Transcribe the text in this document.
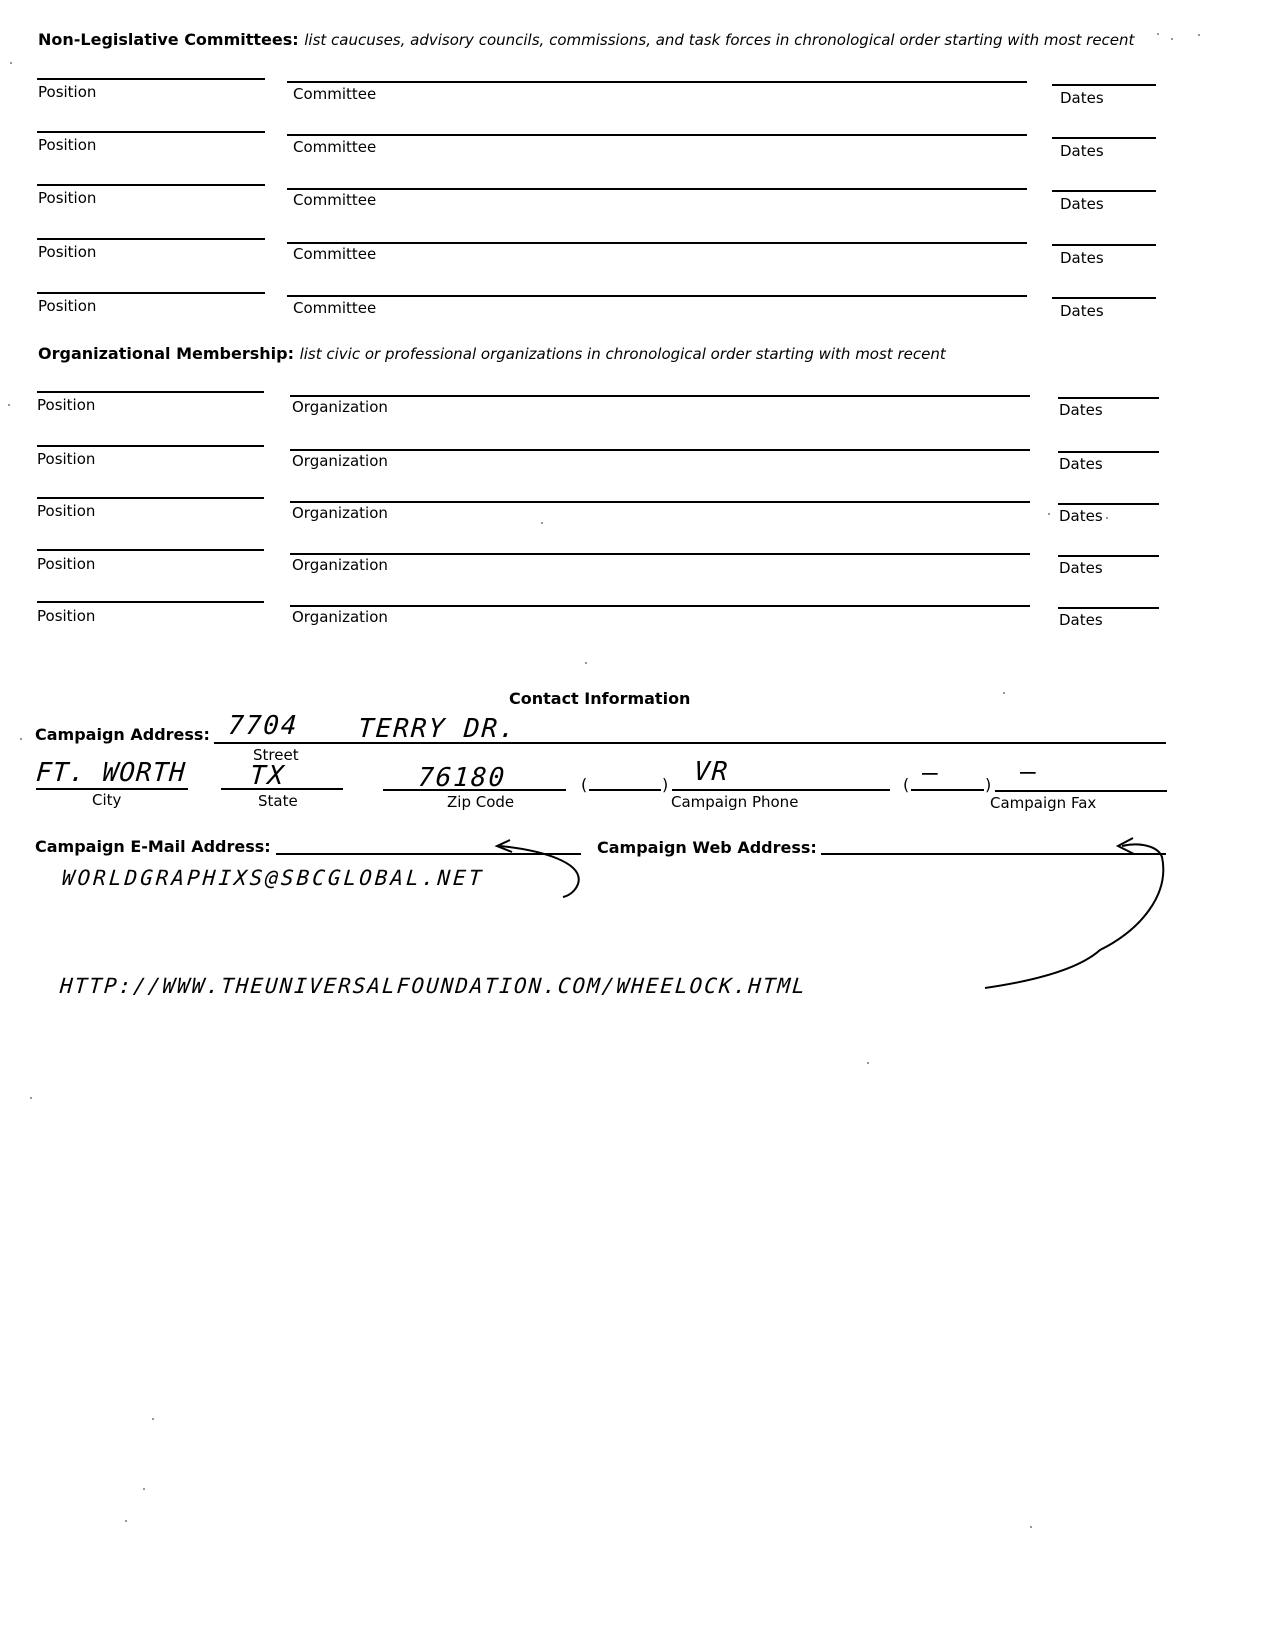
Non-Legislative Committees: list caucuses, advisory councils, commissions, and task forces in chronological order starting with most recent
Position	Committee	Dates
Position	Committee	Dates
Position	Committee	Dates
Position	Committee	Dates
Position	Committee	Dates
Organizational Membership: list civic or professional organizations in chronological order starting with most recent
Position	Organization	Dates
Position	Organization	Dates
Position	Organization	Dates
Position	Organization	Dates
Position	Organization	Dates
Contact Information
Campaign Address: 7704 TERRY DR.
Street
FT. WORTH
City
TX
State
76180
Zip Code
(	) VR
Campaign Phone
( —	) —
Campaign Fax
Campaign E-Mail Address:	Campaign Web Address:
WORLDGRAPHIXS@SBCGLOBAL.NET
HTTP://WWW.THEUNIVERSALFOUNDATION.COM/WHEELOCK.HTML
